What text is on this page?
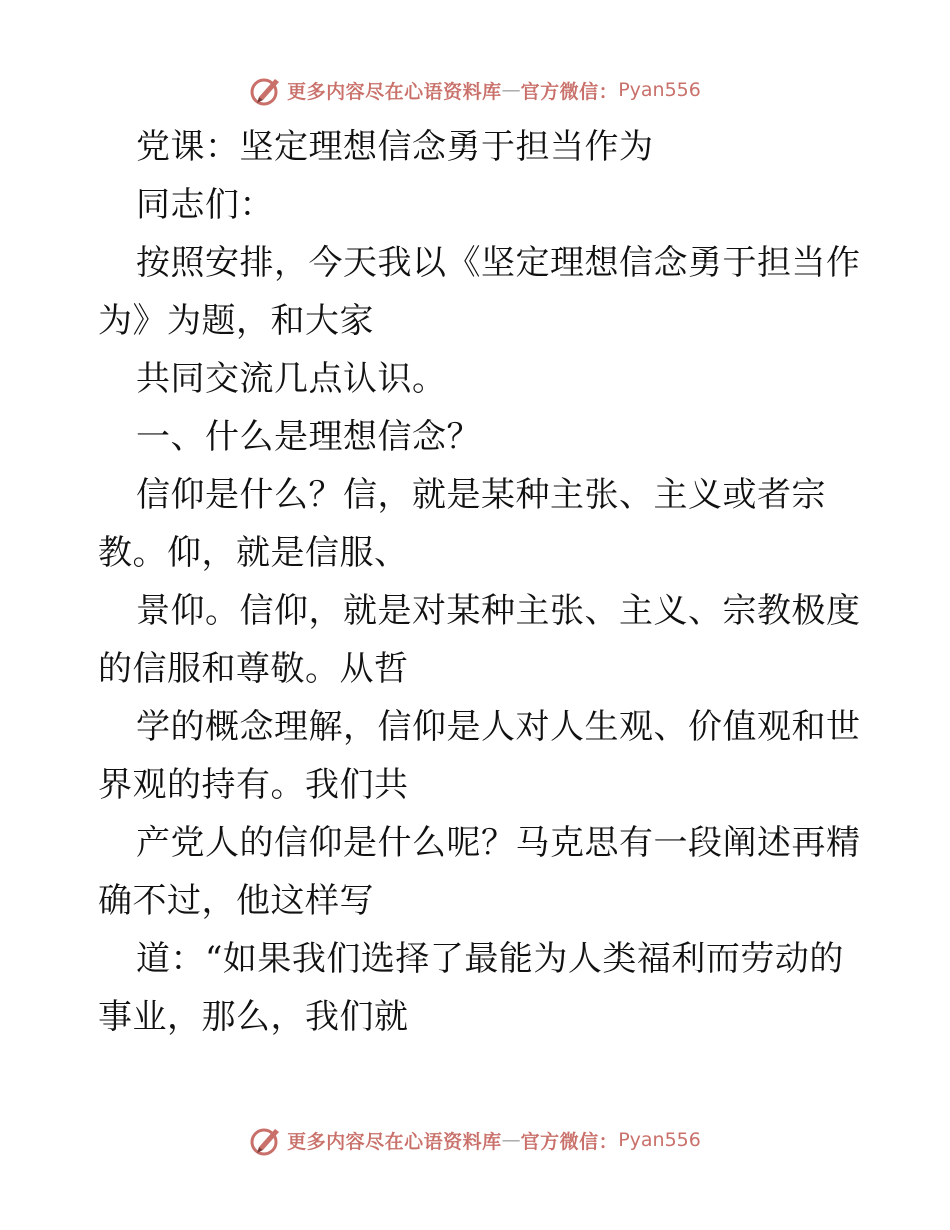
更多内容尽在心语资料库 — 官方微信： Pyan556
党课：坚定理想信念勇于担当作为
同志们：
按照安排，今天我以《坚定理想信念勇于担当作
为》为题，和大家
共同交流几点认识。
一、什么是理想信念？
信仰是什么？信，就是某种主张、主义或者宗
教。仰，就是信服、
景仰。信仰，就是对某种主张、主义、宗教极度
的信服和尊敬。从哲
学的概念理解，信仰是人对人生观、价值观和世
界观的持有。我们共
产党人的信仰是什么呢？马克思有一段阐述再精
确不过，他这样写
道：“如果我们选择了最能为人类福利而劳动的
事业，那么，我们就
更多内容尽在心语资料库 — 官方微信： Pyan556
